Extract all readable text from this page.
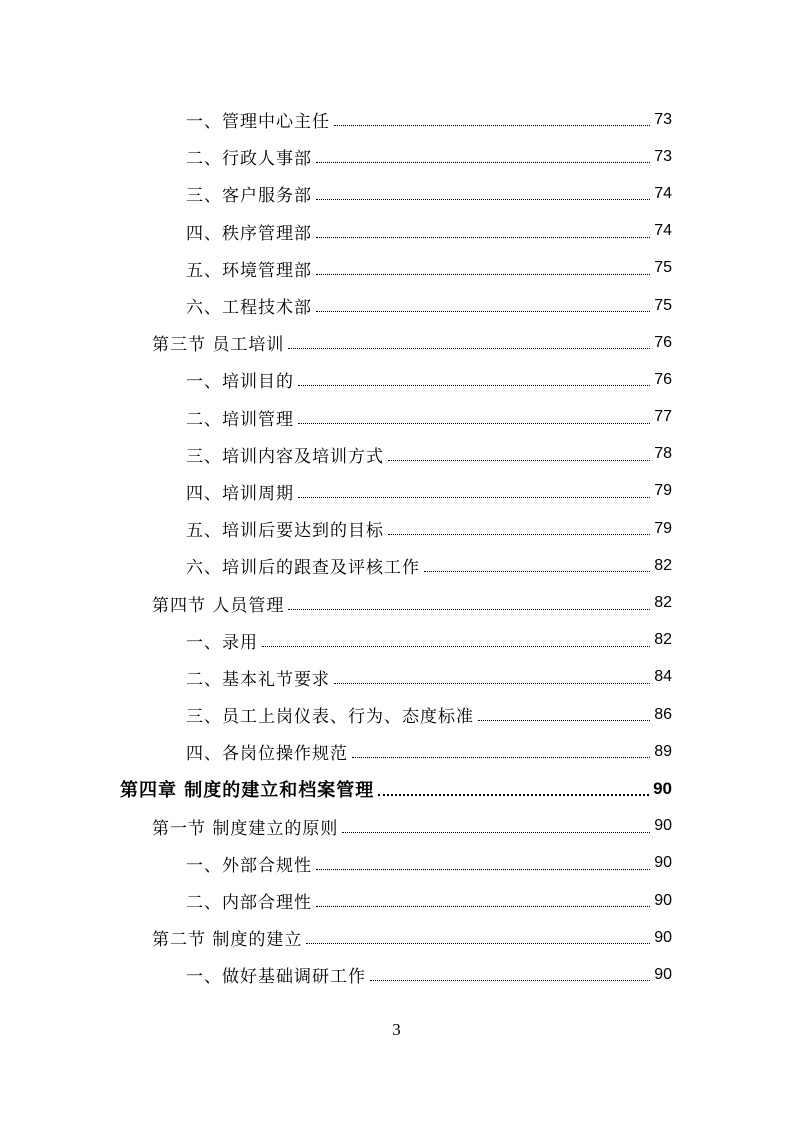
一、管理中心主任	73
二、行政人事部	73
三、客户服务部	74
四、秩序管理部	74
五、环境管理部	75
六、工程技术部	75
第三节 员工培训	76
一、培训目的	76
二、培训管理	77
三、培训内容及培训方式	78
四、培训周期	79
五、培训后要达到的目标	79
六、培训后的跟查及评核工作	82
第四节 人员管理	82
一、录用	82
二、基本礼节要求	84
三、员工上岗仪表、行为、态度标准	86
四、各岗位操作规范	89
第四章 制度的建立和档案管理	90
第一节 制度建立的原则	90
一、外部合规性	90
二、内部合理性	90
第二节 制度的建立	90
一、做好基础调研工作	90
3
